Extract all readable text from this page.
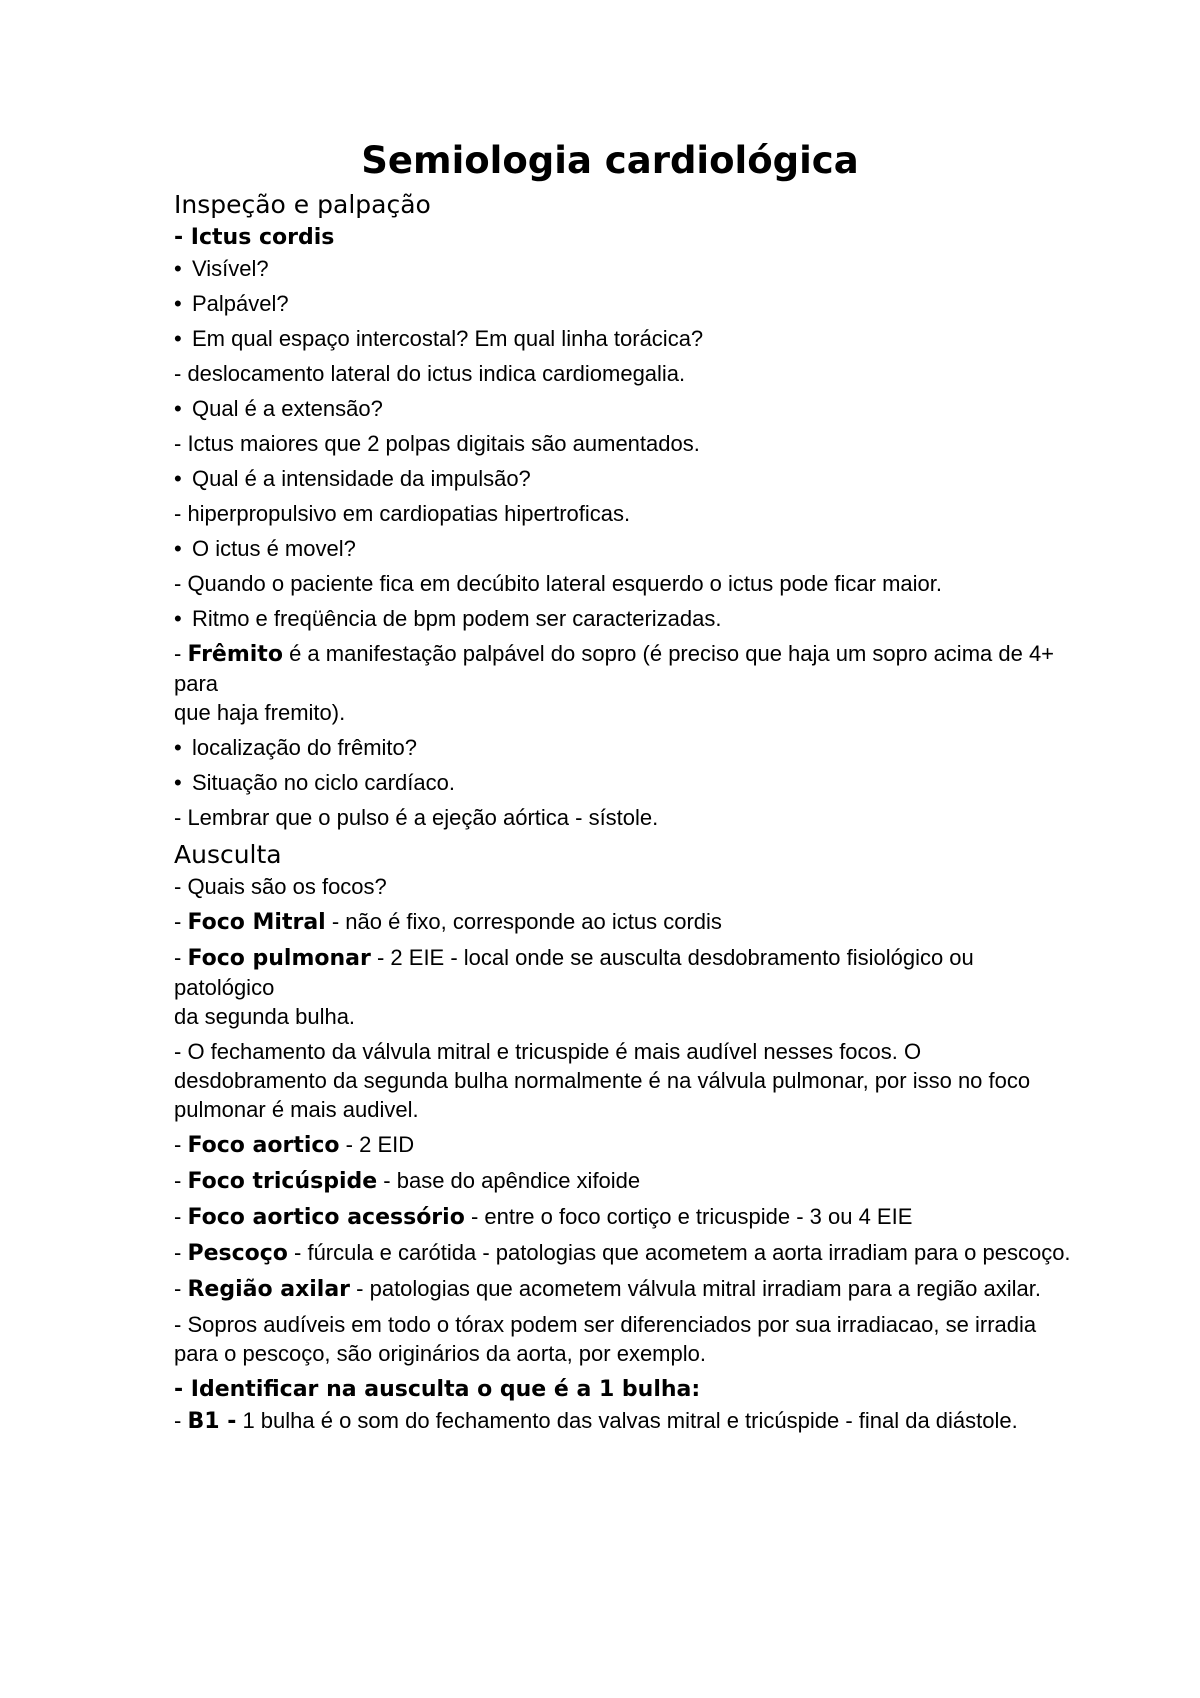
Semiologia cardiológica
Inspeção e palpação
- Ictus cordis
• Visível?
• Palpável?
• Em qual espaço intercostal? Em qual linha torácica?
- deslocamento lateral do ictus indica cardiomegalia.
• Qual é a extensão?
- Ictus maiores que 2 polpas digitais são aumentados.
• Qual é a intensidade da impulsão?
- hiperpropulsivo em cardiopatias hipertroficas.
• O ictus é movel?
- Quando o paciente fica em decúbito lateral esquerdo o ictus pode ficar maior.
• Ritmo e freqüência de bpm podem ser caracterizadas.
- Frêmito é a manifestação palpável do sopro (é preciso que haja um sopro acima de 4+ para
que haja fremito).
• localização do frêmito?
• Situação no ciclo cardíaco.
- Lembrar que o pulso é a ejeção aórtica - sístole.
Ausculta
- Quais são os focos?
- Foco Mitral - não é fixo, corresponde ao ictus cordis
- Foco pulmonar - 2 EIE - local onde se ausculta desdobramento fisiológico ou patológico
da segunda bulha.
- O fechamento da válvula mitral e tricuspide é mais audível nesses focos. O desdobramento da segunda bulha normalmente é na válvula pulmonar, por isso no foco pulmonar é mais audivel.
- Foco aortico - 2 EID
- Foco tricúspide - base do apêndice xifoide
- Foco aortico acessório - entre o foco cortiço e tricuspide - 3 ou 4 EIE
- Pescoço - fúrcula e carótida - patologias que acometem a aorta irradiam para o pescoço.
- Região axilar - patologias que acometem válvula mitral irradiam para a região axilar.
- Sopros audíveis em todo o tórax podem ser diferenciados por sua irradiacao, se irradia para o pescoço, são originários da aorta, por exemplo.
- Identificar na ausculta o que é a 1 bulha:
- B1 - 1 bulha é o som do fechamento das valvas mitral e tricúspide - final da diástole.
